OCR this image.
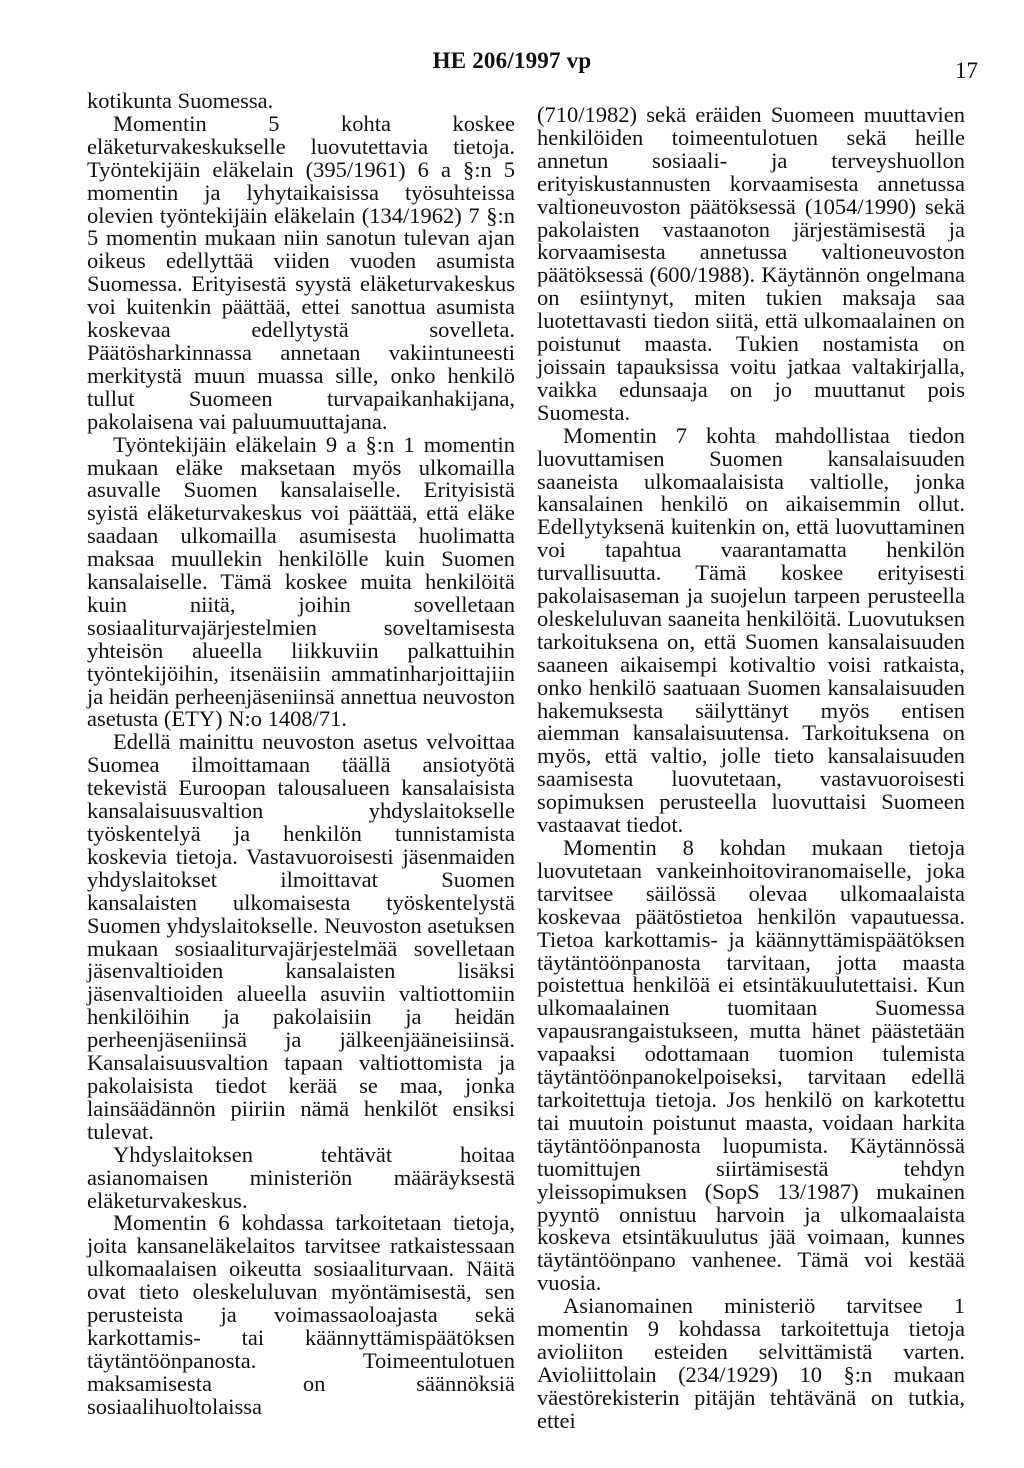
HE 206/1997 vp	17

kotikunta Suomessa.

Momentin 5 kohta koskee eläketurvakeskukselle luovutettavia tietoja. Työntekijäin eläkelain (395/1961) 6 a §:n 5 momentin ja lyhytaikaisissa työsuhteissa olevien työntekijäin eläkelain (134/1962) 7 §:n 5 momentin mukaan niin sanotun tulevan ajan oikeus edellyttää viiden vuoden asumista Suomessa. Erityisestä syystä eläketurvakeskus voi kuitenkin päättää, ettei sanottua asumista koskevaa edellytystä sovelleta. Päätösharkinnassa annetaan vakiintuneesti merkitystä muun muassa sille, onko henkilö tullut Suomeen turvapaikanhakijana, pakolaisena vai paluumuuttajana.

Työntekijäin eläkelain 9 a §:n 1 momentin mukaan eläke maksetaan myös ulkomailla asuvalle Suomen kansalaiselle. Erityisistä syistä eläketurvakeskus voi päättää, että eläke saadaan ulkomailla asumisesta huolimatta maksaa muullekin henkilölle kuin Suomen kansalaiselle. Tämä koskee muita henkilöitä kuin niitä, joihin sovelletaan sosiaaliturvajärjestelmien soveltamisesta yhteisön alueella liikkuviin palkattuihin työntekijöihin, itsenäisiin ammatinharjoittajiin ja heidän perheenjäseniinsä annettua neuvoston asetusta (ETY) N:o 1408/71.

Edellä mainittu neuvoston asetus velvoittaa Suomea ilmoittamaan täällä ansiotyötä tekevistä Euroopan talousalueen kansalaisista kansalaisuusvaltion yhdyslaitokselle työskentelyä ja henkilön tunnistamista koskevia tietoja. Vastavuoroisesti jäsenmaiden yhdyslaitokset ilmoittavat Suomen kansalaisten ulkomaisesta työskentelystä Suomen yhdyslaitokselle. Neuvoston asetuksen mukaan sosiaaliturvajärjestelmää sovelletaan jäsenvaltioiden kansalaisten lisäksi jäsenvaltioiden alueella asuviin valtiottomiin henkilöihin ja pakolaisiin ja heidän perheenjäseniinsä ja jälkeenjääneisiinsä. Kansalaisuusvaltion tapaan valtiottomista ja pakolaisista tiedot kerää se maa, jonka lainsäädännön piiriin nämä henkilöt ensiksi tulevat.

Yhdyslaitoksen tehtävät hoitaa asianomaisen ministeriön määräyksestä eläketurvakeskus.

Momentin 6 kohdassa tarkoitetaan tietoja, joita kansaneläkelaitos tarvitsee ratkaistessaan ulkomaalaisen oikeutta sosiaaliturvaan. Näitä ovat tieto oleskeluluvan myöntämisestä, sen perusteista ja voimassaoloajasta sekä karkottamis- tai käännyttämispäätöksen täytäntöönpanosta. Toimeentulotuen maksamisesta on säännöksiä sosiaalihuoltolaissa

(710/1982) sekä eräiden Suomeen muuttavien henkilöiden toimeentulotuen sekä heille annetun sosiaali- ja terveyshuollon erityiskustannusten korvaamisesta annetussa valtioneuvoston päätöksessä (1054/1990) sekä pakolaisten vastaanoton järjestämisestä ja korvaamisesta annetussa valtioneuvoston päätöksessä (600/1988). Käytännön ongelmana on esiintynyt, miten tukien maksaja saa luotettavasti tiedon siitä, että ulkomaalainen on poistunut maasta. Tukien nostamista on joissain tapauksissa voitu jatkaa valtakirjalla, vaikka edunsaaja on jo muuttanut pois Suomesta.

Momentin 7 kohta mahdollistaa tiedon luovuttamisen Suomen kansalaisuuden saaneista ulkomaalaisista valtiolle, jonka kansalainen henkilö on aikaisemmin ollut. Edellytyksenä kuitenkin on, että luovuttaminen voi tapahtua vaarantamatta henkilön turvallisuutta. Tämä koskee erityisesti pakolaisaseman ja suojelun tarpeen perusteella oleskeluluvan saaneita henkilöitä. Luovutuksen tarkoituksena on, että Suomen kansalaisuuden saaneen aikaisempi kotivaltio voisi ratkaista, onko henkilö saatuaan Suomen kansalaisuuden hakemuksesta säilyttänyt myös entisen aiemman kansalaisuutensa. Tarkoituksena on myös, että valtio, jolle tieto kansalaisuuden saamisesta luovutetaan, vastavuoroisesti sopimuksen perusteella luovuttaisi Suomeen vastaavat tiedot.

Momentin 8 kohdan mukaan tietoja luovutetaan vankeinhoitoviranomaiselle, joka tarvitsee säilössä olevaa ulkomaalaista koskevaa päätöstietoa henkilön vapautuessa. Tietoa karkottamis- ja käännyttämispäätöksen täytäntöönpanosta tarvitaan, jotta maasta poistettua henkilöä ei etsintäkuulutettaisi. Kun ulkomaalainen tuomitaan Suomessa vapausrangaistukseen, mutta hänet päästetään vapaaksi odottamaan tuomion tulemista täytäntöönpanokelpoiseksi, tarvitaan edellä tarkoitettuja tietoja. Jos henkilö on karkotettu tai muutoin poistunut maasta, voidaan harkita täytäntöönpanosta luopumista. Käytännössä tuomittujen siirtämisestä tehdyn yleissopimuksen (SopS 13/1987) mukainen pyyntö onnistuu harvoin ja ulkomaalaista koskeva etsintäkuulutus jää voimaan, kunnes täytäntöönpano vanhenee. Tämä voi kestää vuosia.

Asianomainen ministeriö tarvitsee 1 momentin 9 kohdassa tarkoitettuja tietoja avioliiton esteiden selvittämistä varten. Avioliittolain (234/1929) 10 §:n mukaan väestörekisterin pitäjän tehtävänä on tutkia, ettei
